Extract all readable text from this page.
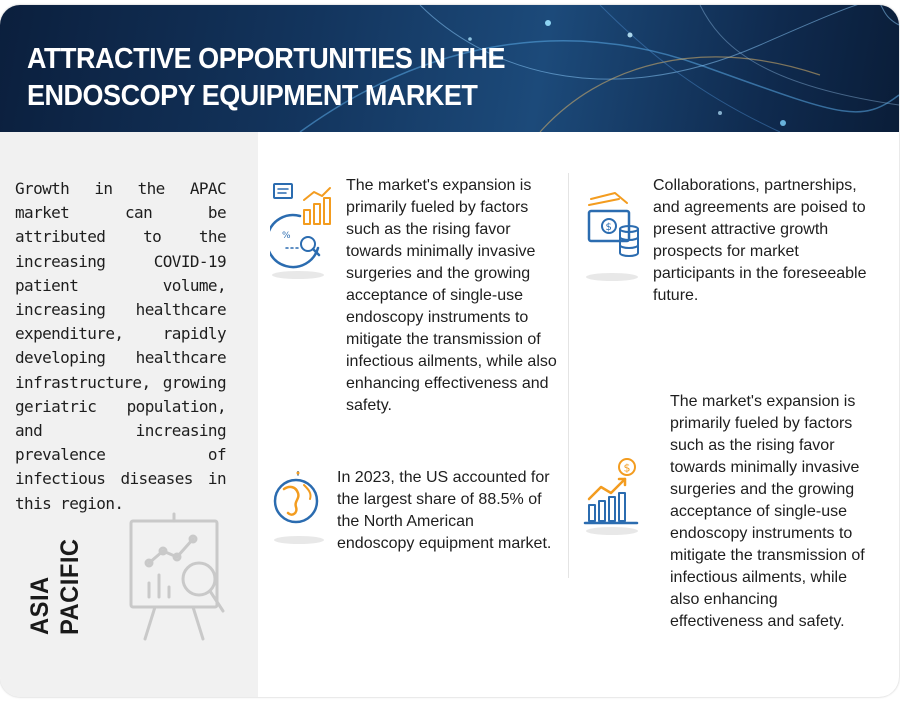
ATTRACTIVE OPPORTUNITIES IN THE
ENDOSCOPY EQUIPMENT MARKET

Growth in the APAC market can be attributed to the increasing COVID-19 patient volume, increasing healthcare expenditure, rapidly developing healthcare infrastructure, growing geriatric population, and increasing prevalence of infectious diseases in this region.

ASIA PACIFIC
%

The market's expansion is primarily fueled by factors such as the rising favor towards minimally invasive surgeries and the growing acceptance of single-use endoscopy instruments to mitigate the transmission of infectious ailments, while also enhancing effectiveness and safety.

In 2023, the US accounted for the largest share of 88.5% of the North American endoscopy equipment market.

$

Collaborations, partnerships, and agreements are poised to present attractive growth prospects for market participants in the foreseeable future.

$

The market's expansion is primarily fueled by factors such as the rising favor towards minimally invasive surgeries and the growing acceptance of single-use endoscopy instruments to mitigate the transmission of infectious ailments, while also enhancing effectiveness and safety.
